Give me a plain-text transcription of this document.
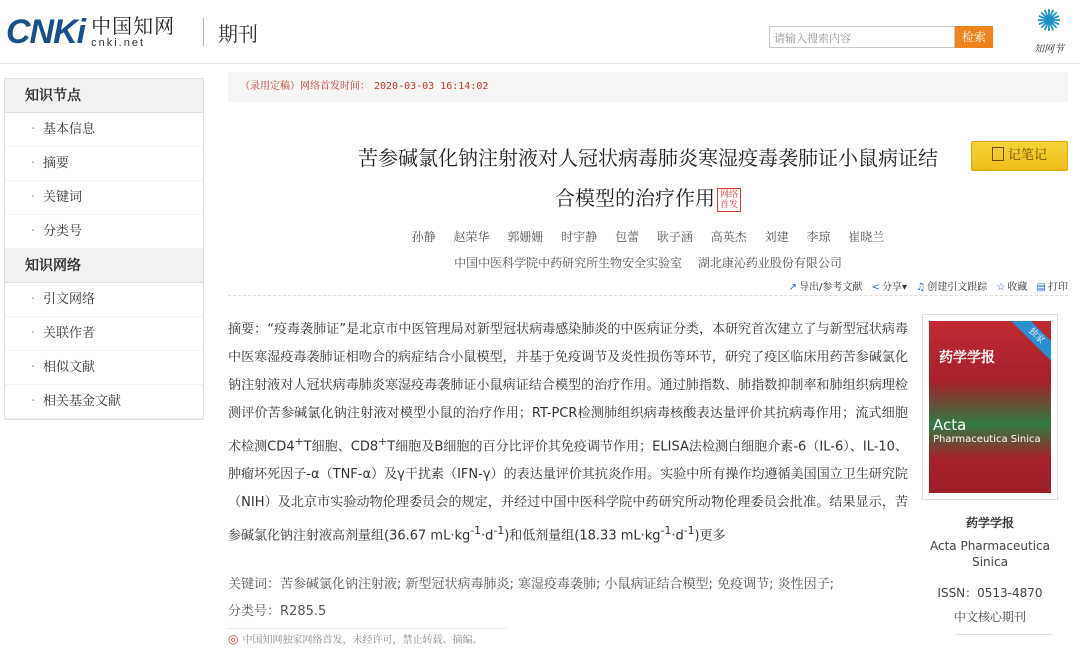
CNKi 中国知网
cnki.net	期刊	请输入搜索内容	检索 ✺
知网节
知识节点
· 基本信息
· 摘要
· 关键词
· 分类号
知识网络
· 引文网络
· 关联作者
· 相似文献
· 相关基金文献
（录用定稿）网络首发时间： 2020-03-03 16:14:02
苦参碱氯化钠注射液对人冠状病毒肺炎寒湿疫毒袭肺证小鼠病证结
合模型的治疗作用 网络
首发
记笔记
孙静 赵荣华 郭姗姗 时宇静 包蕾 耿子涵 高英杰 刘建 李琼 崔晓兰
中国中医科学院中药研究所生物安全实验室 湖北康沁药业股份有限公司
↗ 导出/参考文献 < 分享▾ ♫ 创建引文跟踪 ☆ 收藏 ▤ 打印
摘要：“疫毒袭肺证”是北京市中医管理局对新型冠状病毒感染肺炎的中医病证分类，本研究首次建立了与新型冠状病毒中医寒湿疫毒袭肺证相吻合的病症结合小鼠模型，并基于免疫调节及炎性损伤等环节，研究了疫区临床用药苦参碱氯化钠注射液对人冠状病毒肺炎寒湿疫毒袭肺证小鼠病证结合模型的治疗作用。通过肺指数、肺指数抑制率和肺组织病理检测评价苦参碱氯化钠注射液对模型小鼠的治疗作用；RT-PCR检测肺组织病毒核酸表达量评价其抗病毒作用；流式细胞术检测CD4+T细胞、CD8+T细胞及B细胞的百分比评价其免疫调节作用；ELISA法检测白细胞介素-6（IL-6）、IL-10、肿瘤坏死因子-α（TNF-α）及γ干扰素（IFN-γ）的表达量评价其抗炎作用。实验中所有操作均遵循美国国立卫生研究院（NIH）及北京市实验动物伦理委员会的规定，并经过中国中医科学院中药研究所动物伦理委员会批准。结果显示，苦参碱氯化钠注射液高剂量组(36.67 $mL\cdot kg^{-1}\cdot d^{-1}$)和低剂量组(18.33 $mL\cdot kg^{-1}\cdot d^{-1}$)更多
关键词：苦参碱氯化钠注射液; 新型冠状病毒肺炎; 寒湿疫毒袭肺; 小鼠病证结合模型; 免疫调节; 炎性因子;
分类号：R285.5
◎ 中国知网独家网络首发，未经许可，禁止转载、摘编。
独家
药学学报
Acta
Pharmaceutica Sinica
药学学报
Acta Pharmaceutica Sinica
ISSN：0513-4870
中文核心期刊
